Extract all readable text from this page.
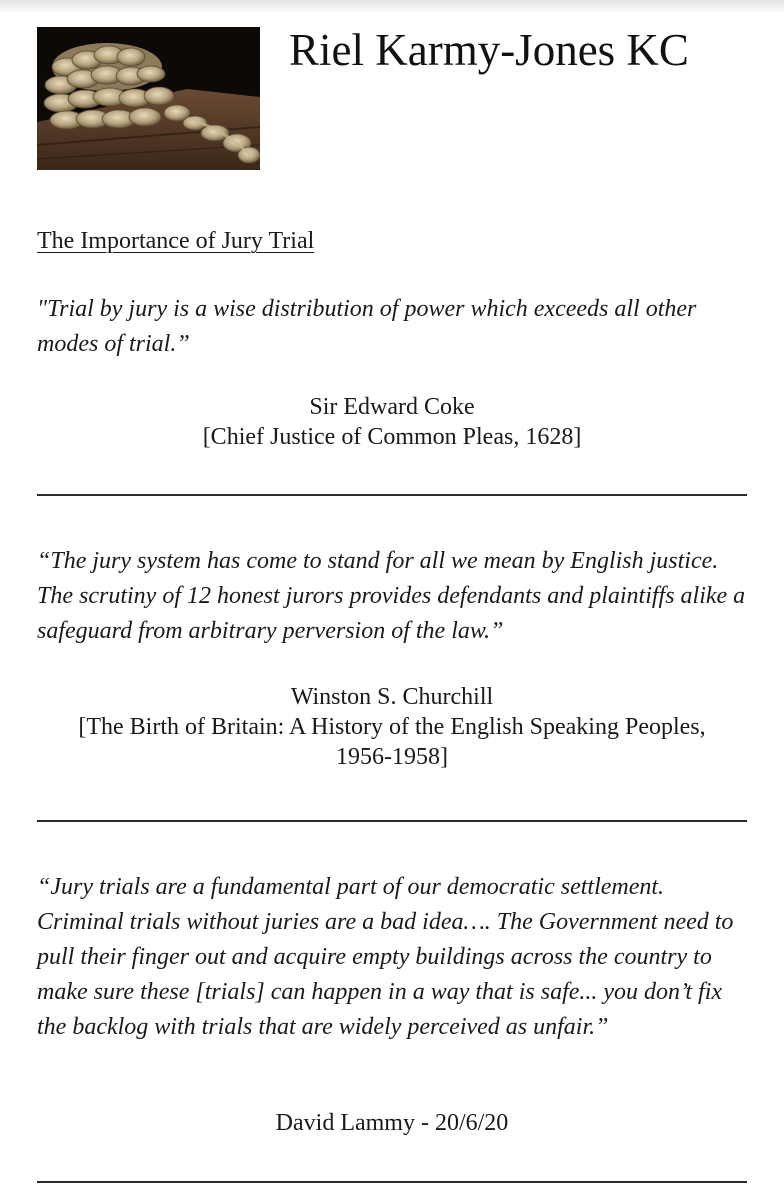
Riel Karmy-Jones KC
The Importance of Jury Trial

"Trial by jury is a wise distribution of power which exceeds all other modes of trial.”

Sir Edward Coke
[Chief Justice of Common Pleas, 1628]

“The jury system has come to stand for all we mean by English justice. The scrutiny of 12 honest jurors provides defendants and plaintiffs alike a safeguard from arbitrary perversion of the law.”

Winston S. Churchill
[The Birth of Britain: A History of the English Speaking Peoples, 1956-1958]

“Jury trials are a fundamental part of our democratic settlement. Criminal trials without juries are a bad idea…. The Government need to pull their finger out and acquire empty buildings across the country to make sure these [trials] can happen in a way that is safe... you don’t fix the backlog with trials that are widely perceived as unfair.”

David Lammy - 20/6/20
